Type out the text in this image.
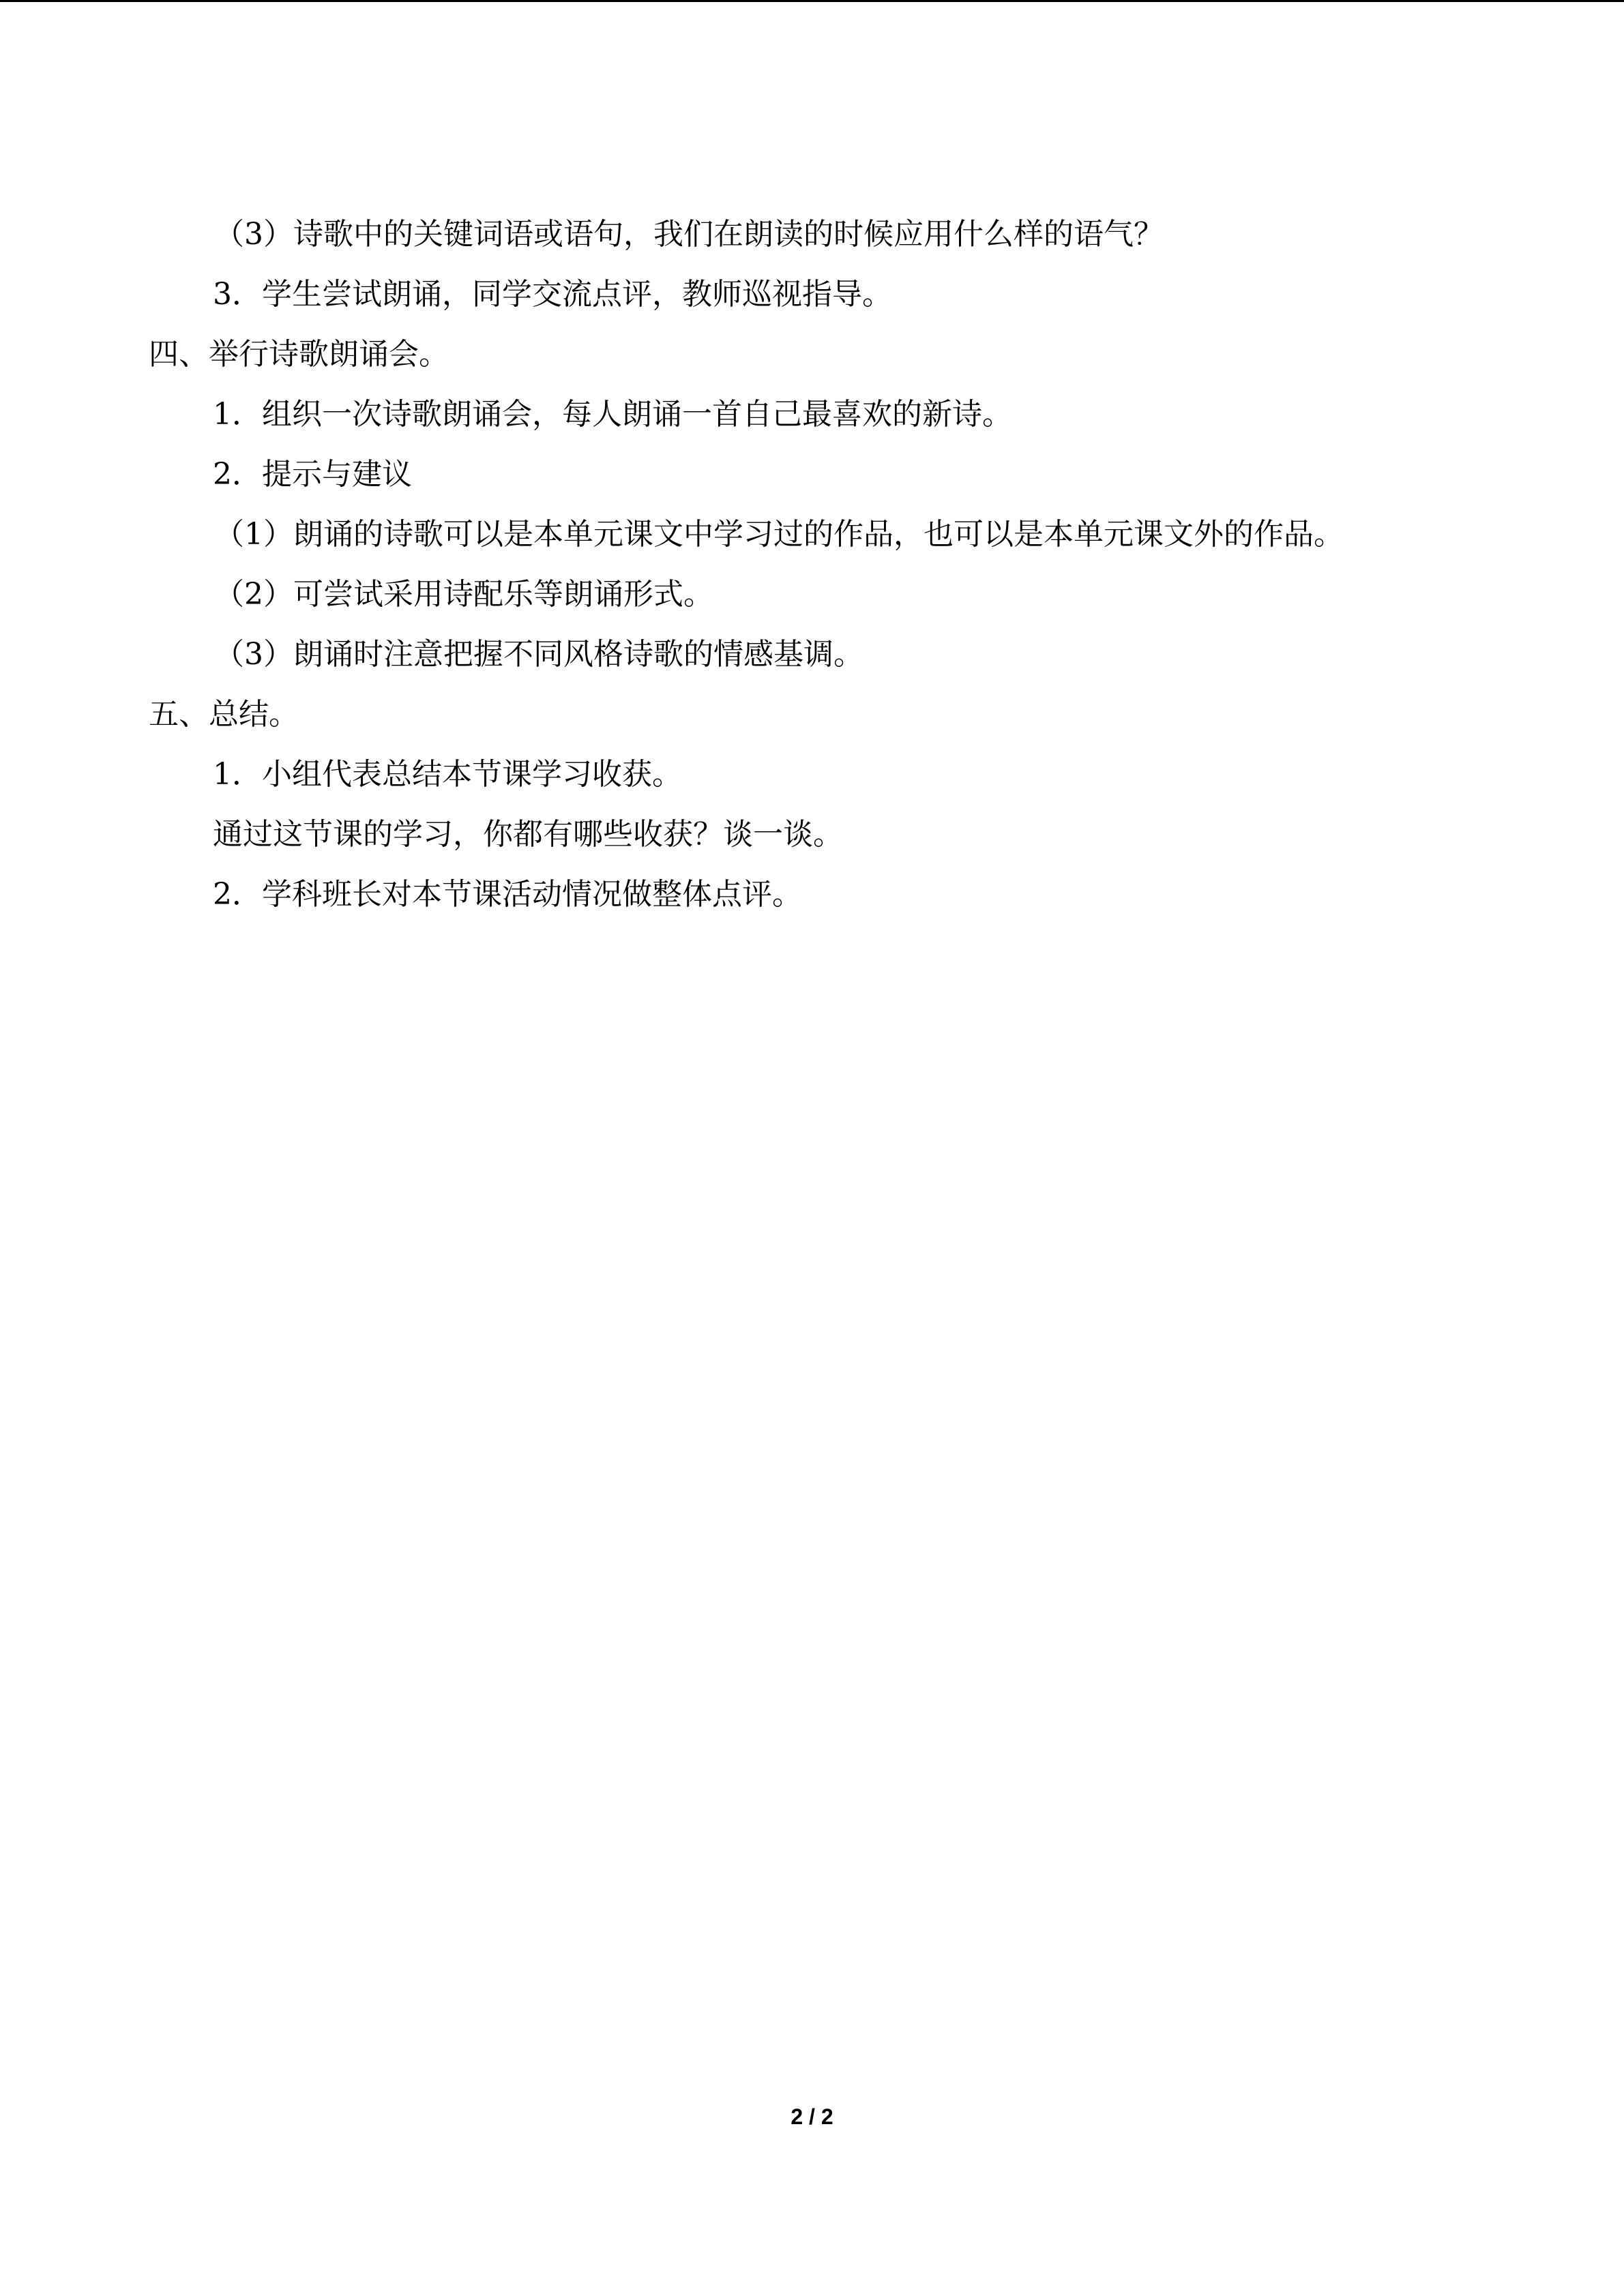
（3）诗歌中的关键词语或语句，我们在朗读的时候应用什么样的语气？
3．学生尝试朗诵，同学交流点评，教师巡视指导。
四、举行诗歌朗诵会。
1．组织一次诗歌朗诵会，每人朗诵一首自己最喜欢的新诗。
2．提示与建议
（1）朗诵的诗歌可以是本单元课文中学习过的作品，也可以是本单元课文外的作品。
（2）可尝试采用诗配乐等朗诵形式。
（3）朗诵时注意把握不同风格诗歌的情感基调。
五、总结。
1．小组代表总结本节课学习收获。
通过这节课的学习，你都有哪些收获？谈一谈。
2．学科班长对本节课活动情况做整体点评。
2 / 2
